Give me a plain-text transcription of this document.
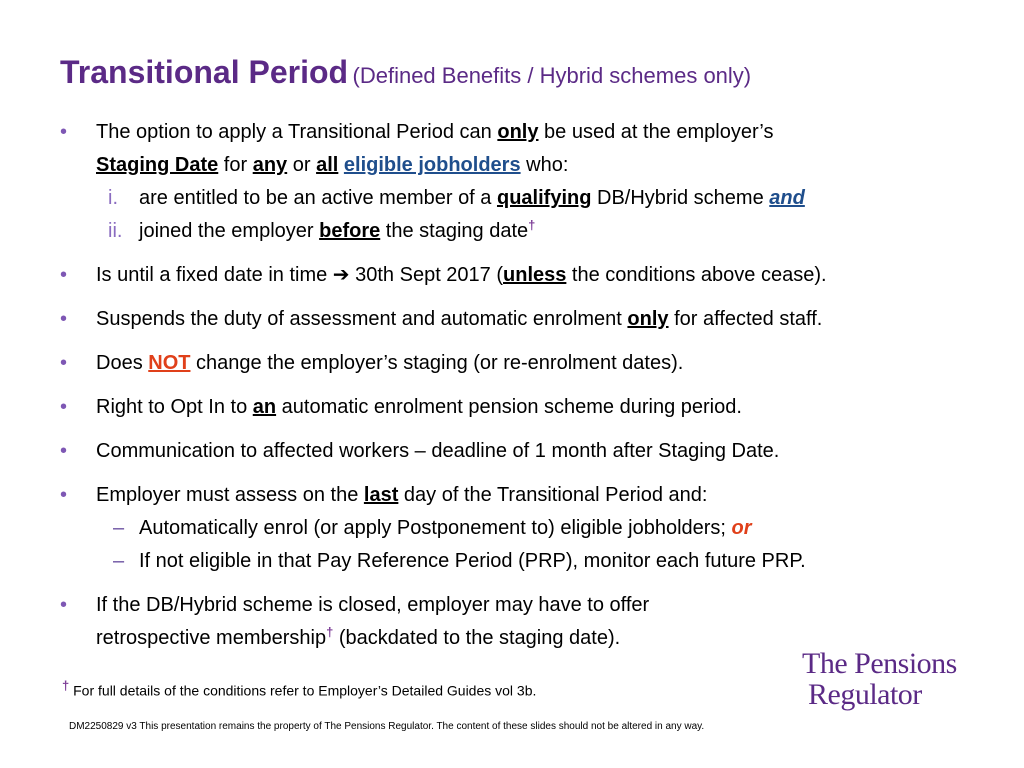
Transitional Period (Defined Benefits / Hybrid schemes only)
• The option to apply a Transitional Period can only be used at the employer’s
Staging Date for any or all eligible jobholders who:
i. are entitled to be an active member of a qualifying DB/Hybrid scheme and
ii. joined the employer before the staging date†
• Is until a fixed date in time ➔ 30th Sept 2017 (unless the conditions above cease).
• Suspends the duty of assessment and automatic enrolment only for affected staff.
• Does NOT change the employer’s staging (or re-enrolment dates).
• Right to Opt In to an automatic enrolment pension scheme during period.
• Communication to affected workers – deadline of 1 month after Staging Date.
• Employer must assess on the last day of the Transitional Period and:
– Automatically enrol (or apply Postponement to) eligible jobholders; or
– If not eligible in that Pay Reference Period (PRP), monitor each future PRP.
• If the DB/Hybrid scheme is closed, employer may have to offer
retrospective membership† (backdated to the staging date).
† For full details of the conditions refer to Employer’s Detailed Guides vol 3b.
The Pensions
Regulator
DM2250829 v3 This presentation remains the property of The Pensions Regulator. The content of these slides should not be altered in any way.
